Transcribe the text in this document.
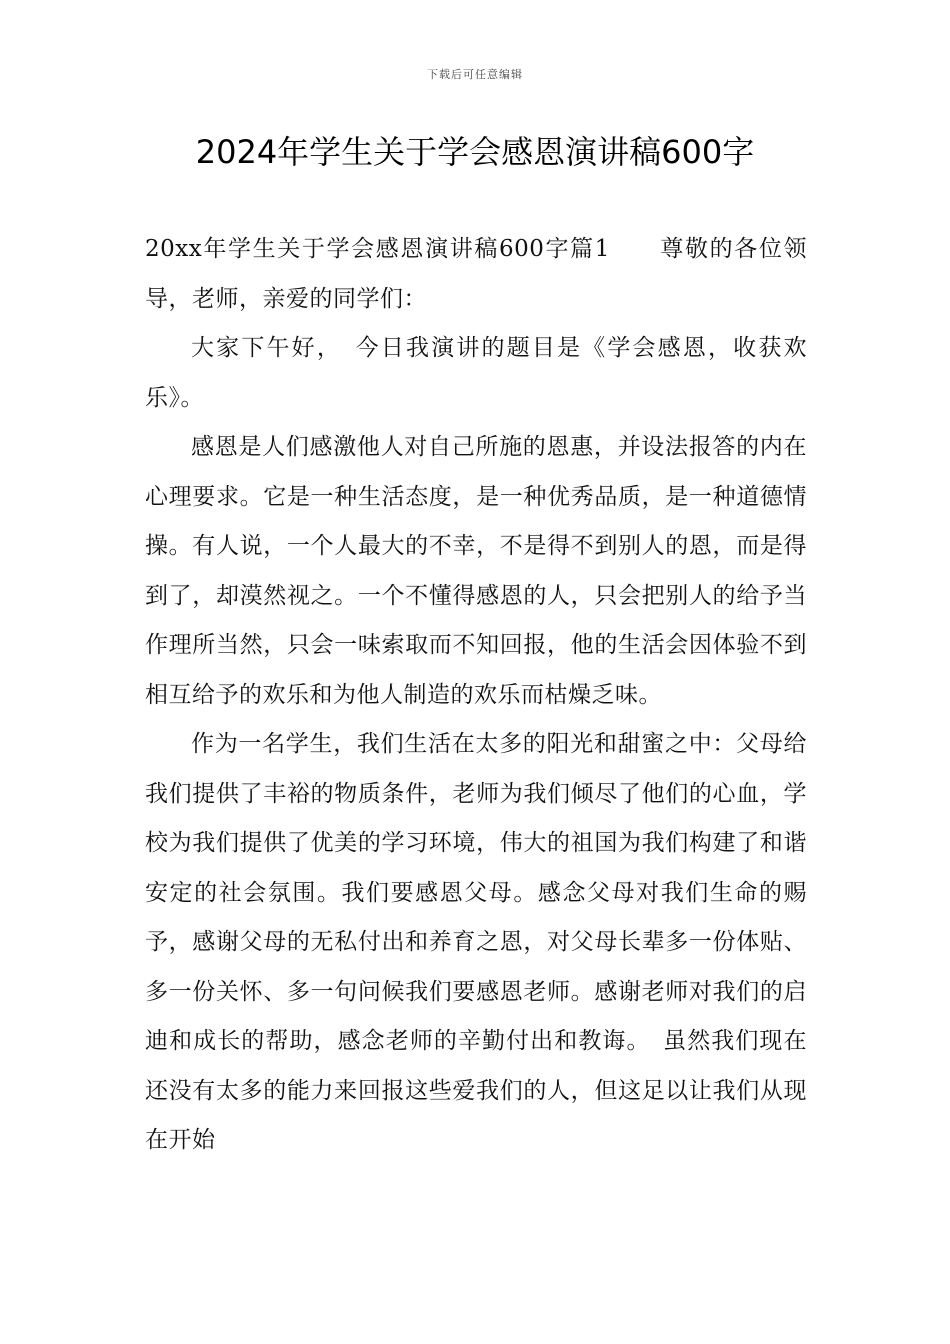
下载后可任意编辑
2024年学生关于学会感恩演讲稿600字

20xx年学生关于学会感恩演讲稿600字篇1　　尊敬的各位领导，老师，亲爱的同学们：

大家下午好，　今日我演讲的题目是《学会感恩，收获欢乐》。

感恩是人们感激他人对自己所施的恩惠，并设法报答的内在心理要求。它是一种生活态度，是一种优秀品质，是一种道德情操。有人说，一个人最大的不幸，不是得不到别人的恩，而是得到了，却漠然视之。一个不懂得感恩的人，只会把别人的给予当作理所当然，只会一味索取而不知回报，他的生活会因体验不到相互给予的欢乐和为他人制造的欢乐而枯燥乏味。

作为一名学生，我们生活在太多的阳光和甜蜜之中：父母给我们提供了丰裕的物质条件，老师为我们倾尽了他们的心血，学校为我们提供了优美的学习环境，伟大的祖国为我们构建了和谐安定的社会氛围。我们要感恩父母。感念父母对我们生命的赐予，感谢父母的无私付出和养育之恩，对父母长辈多一份体贴、多一份关怀、多一句问候我们要感恩老师。感谢老师对我们的启迪和成长的帮助，感念老师的辛勤付出和教诲。　虽然我们现在还没有太多的能力来回报这些爱我们的人，但这足以让我们从现在开始
